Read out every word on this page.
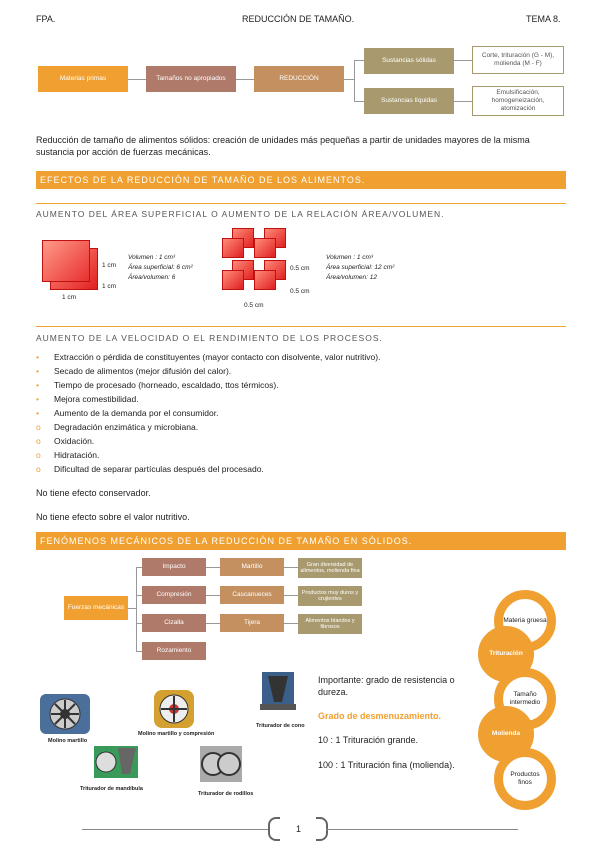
FPA.	REDUCCIÓN DE TAMAÑO.	TEMA 8.
Materias primas	Tamaños no apropiados	REDUCCIÓN
Sustancias sólidas
Sustancias líquidas
Corte, trituración (G - M), molienda (M - F)
Emulsificación, homogeneización, atomización
Reducción de tamaño de alimentos sólidos: creación de unidades más pequeñas a partir de unidades mayores de la misma sustancia por acción de fuerzas mecánicas.
EFECTOS DE LA REDUCCIÓN DE TAMAÑO DE LOS ALIMENTOS.
AUMENTO DEL ÁREA SUPERFICIAL O AUMENTO DE LA RELACIÓN ÁREA/VOLUMEN.
1 cm
1 cm
1 cm
Volumen : 1 cm³
Área superficial: 6 cm²
Área/volumen: 6
0.5 cm
0.5 cm
0.5 cm
Volumen : 1 cm³
Área superficial: 12 cm²
Área/volumen: 12
AUMENTO DE LA VELOCIDAD O EL RENDIMIENTO DE LOS PROCESOS.
• Extracción o pérdida de constituyentes (mayor contacto con disolvente, valor nutritivo).
• Secado de alimentos (mejor difusión del calor).
• Tiempo de procesado (horneado, escaldado, ttos térmicos).
• Mejora comestibilidad.
• Aumento de la demanda por el consumidor.
o Degradación enzimática y microbiana.
o Oxidación.
o Hidratación.
o Dificultad de separar partículas después del procesado.
No tiene efecto conservador.
No tiene efecto sobre el valor nutritivo.
FENÓMENOS MECÁNICOS DE LA REDUCCIÓN DE TAMAÑO EN SÓLIDOS.
Fuerzas mecánicas
Impacto
Compresión
Cizalla
Rozamiento
Martillo
Cascanueces
Tijera
Gran diversidad de alimentos, molienda fina
Productos muy duros y crujientes
Alimentos blandos y fibrosos
Materia gruesa
Trituración
Tamaño intermedio
Molienda
Productos finos
Importante: grado de resistencia o dureza.
Grado de desmenuzamiento.
10 : 1 Trituración grande.
100 : 1 Trituración fina (molienda).
Molino martillo
Molino martillo y compresión
Triturador de cono
Triturador de mandíbula
Triturador de rodillos
1
